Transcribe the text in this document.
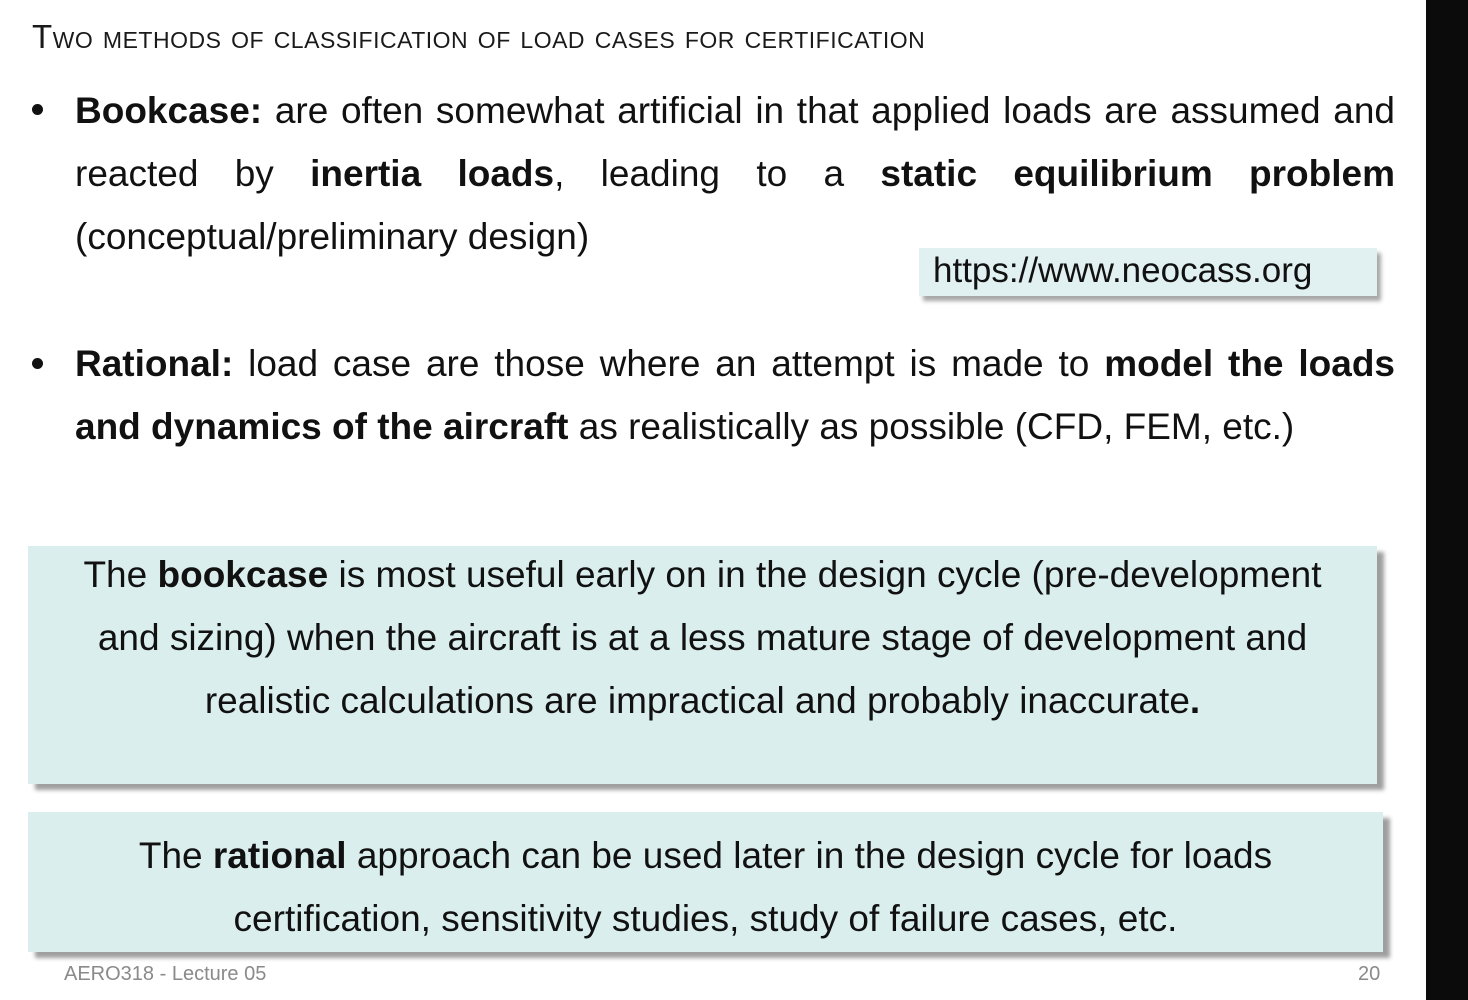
Two methods of classification of load cases for certification
Bookcase: are often somewhat artificial in that applied loads are assumed and reacted by inertia loads, leading to a static equilibrium problem (conceptual/preliminary design)
https://www.neocass.org
Rational: load case are those where an attempt is made to model the loads and dynamics of the aircraft as realistically as possible (CFD, FEM, etc.)
The bookcase is most useful early on in the design cycle (pre-development and sizing) when the aircraft is at a less mature stage of development and realistic calculations are impractical and probably inaccurate.
The rational approach can be used later in the design cycle for loads certification, sensitivity studies, study of failure cases, etc.
AERO318 - Lecture 05	20
